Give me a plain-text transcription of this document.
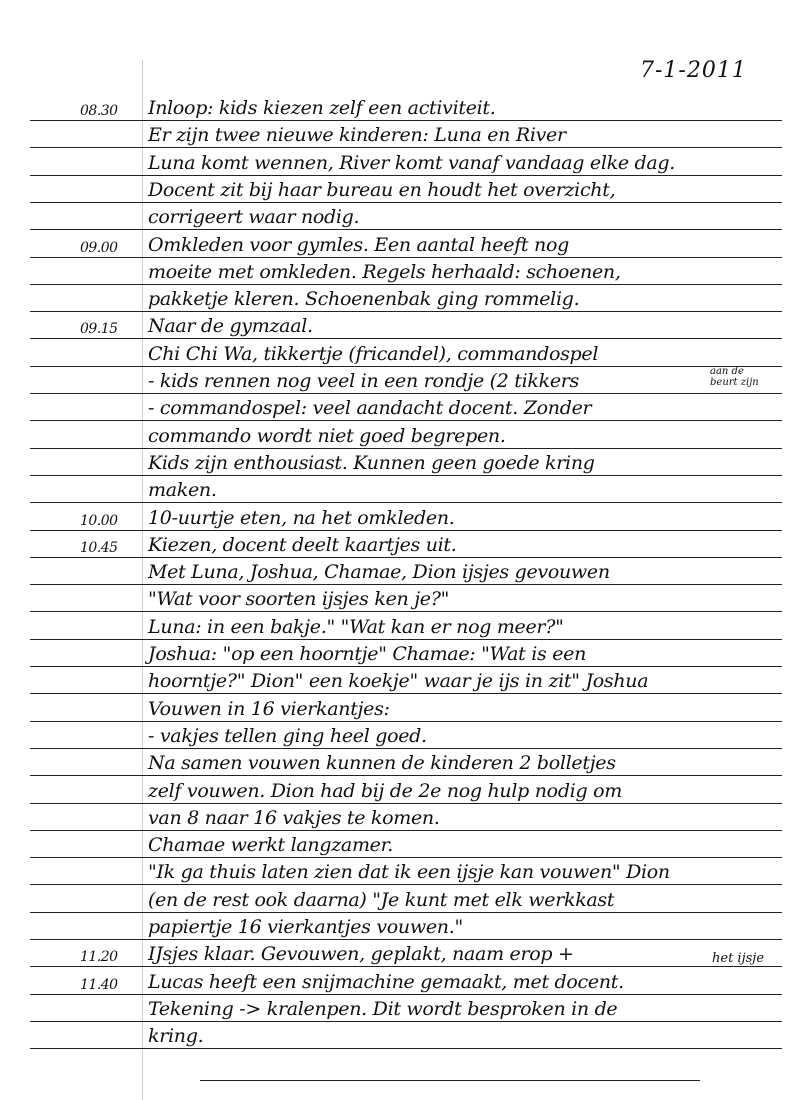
7-1-2011
08.30 Inloop: kids kiezen zelf een activiteit.
Er zijn twee nieuwe kinderen: Luna en River
Luna komt wennen, River komt vanaf vandaag elke dag.
Docent zit bij haar bureau en houdt het overzicht,
corrigeert waar nodig.
09.00 Omkleden voor gymles. Een aantal heeft nog
moeite met omkleden. Regels herhaald: schoenen,
pakketje kleren. Schoenenbak ging rommelig.
09.15 Naar de gymzaal.
Chi Chi Wa, tikkertje (fricandel), commandospel
- kids rennen nog veel in een rondje (2 tikkers
- commandospel: veel aandacht docent. Zonder
commando wordt niet goed begrepen.
Kids zijn enthousiast. Kunnen geen goede kring
maken.
10.00 10-uurtje eten, na het omkleden.
10.45 Kiezen, docent deelt kaartjes uit.
Met Luna, Joshua, Chamae, Dion ijsjes gevouwen
"Wat voor soorten ijsjes ken je?"
Luna: in een bakje." "Wat kan er nog meer?"
Joshua: "op een hoorntje" Chamae: "Wat is een
hoorntje?" Dion" een koekje" waar je ijs in zit" Joshua
Vouwen in 16 vierkantjes:
- vakjes tellen ging heel goed.
Na samen vouwen kunnen de kinderen 2 bolletjes
zelf vouwen. Dion had bij de 2e nog hulp nodig om
van 8 naar 16 vakjes te komen.
Chamae werkt langzamer.
"Ik ga thuis laten zien dat ik een ijsje kan vouwen" Dion
(en de rest ook daarna) "Je kunt met elk werkkast
papiertje 16 vierkantjes vouwen."
11.20 IJsjes klaar. Gevouwen, geplakt, naam erop +
11.40 Lucas heeft een snijmachine gemaakt, met docent.
Tekening -> kralenpen. Dit wordt besproken in de
kring.
aan de beurt zijn
het ijsje
